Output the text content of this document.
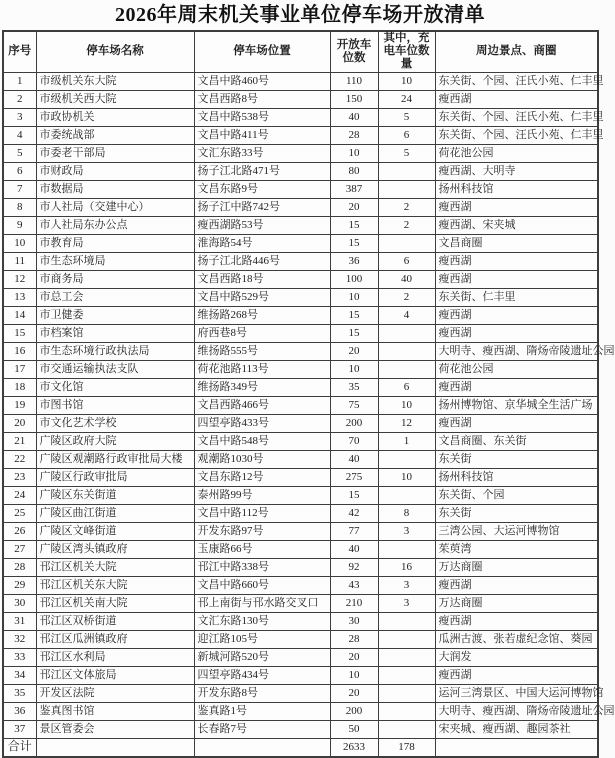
2026年周末机关事业单位停车场开放清单
序号	停车场名称	停车场位置	开放车位数	其中，充电车位数量	周边景点、商圈
1	市级机关东大院	文昌中路460号	110	10	东关街、个园、汪氏小苑、仁丰里
2	市级机关西大院	文昌西路8号	150	24	瘦西湖
3	市政协机关	文昌中路538号	40	5	东关街、个园、汪氏小苑、仁丰里
4	市委统战部	文昌中路411号	28	6	东关街、个园、汪氏小苑、仁丰里
5	市委老干部局	文汇东路33号	10	5	荷花池公园
6	市财政局	扬子江北路471号	80		瘦西湖、大明寺
7	市数据局	文昌东路9号	387		扬州科技馆
8	市人社局（交建中心）	扬子江中路742号	20	2	瘦西湖
9	市人社局东办公点	瘦西湖路53号	15	2	瘦西湖、宋夹城
10	市教育局	淮海路54号	15		文昌商圈
11	市生态环境局	扬子江北路446号	36	6	瘦西湖
12	市商务局	文昌西路18号	100	40	瘦西湖
13	市总工会	文昌中路529号	10	2	东关街、仁丰里
14	市卫健委	维扬路268号	15	4	瘦西湖
15	市档案馆	府西巷8号	15		瘦西湖
16	市生态环境行政执法局	维扬路555号	20		大明寺、瘦西湖、隋炀帝陵遗址公园
17	市交通运输执法支队	荷花池路113号	10		荷花池公园
18	市文化馆	维扬路349号	35	6	瘦西湖
19	市图书馆	文昌西路466号	75	10	扬州博物馆、京华城全生活广场
20	市文化艺术学校	四望亭路433号	200	12	瘦西湖
21	广陵区政府大院	文昌中路548号	70	1	文昌商圈、东关街
22	广陵区观潮路行政审批局大楼	观潮路1030号	40		东关街
23	广陵区行政审批局	文昌东路12号	275	10	扬州科技馆
24	广陵区东关街道	泰州路99号	15		东关街、个园
25	广陵区曲江街道	文昌中路112号	42	8	东关街
26	广陵区文峰街道	开发东路97号	77	3	三湾公园、大运河博物馆
27	广陵区湾头镇政府	玉康路66号	40		茱萸湾
28	邗江区机关大院	邗江中路338号	92	16	万达商圈
29	邗江区机关东大院	文昌中路660号	43	3	瘦西湖
30	邗江区机关南大院	邗上南街与邗水路交叉口	210	3	万达商圈
31	邗江区双桥街道	文汇东路130号	30		瘦西湖
32	邗江区瓜洲镇政府	迎江路105号	28		瓜洲古渡、张若虚纪念馆、葵园
33	邗江区水利局	新城河路520号	20		大润发
34	邗江区文体旅局	四望亭路434号	10		瘦西湖
35	开发区法院	开发东路8号	20		运河三湾景区、中国大运河博物馆
36	鉴真图书馆	鉴真路1号	200		大明寺、瘦西湖、隋炀帝陵遗址公园
37	景区管委会	长春路7号	50		宋夹城、瘦西湖、趣园茶社
合计			2633	178	
